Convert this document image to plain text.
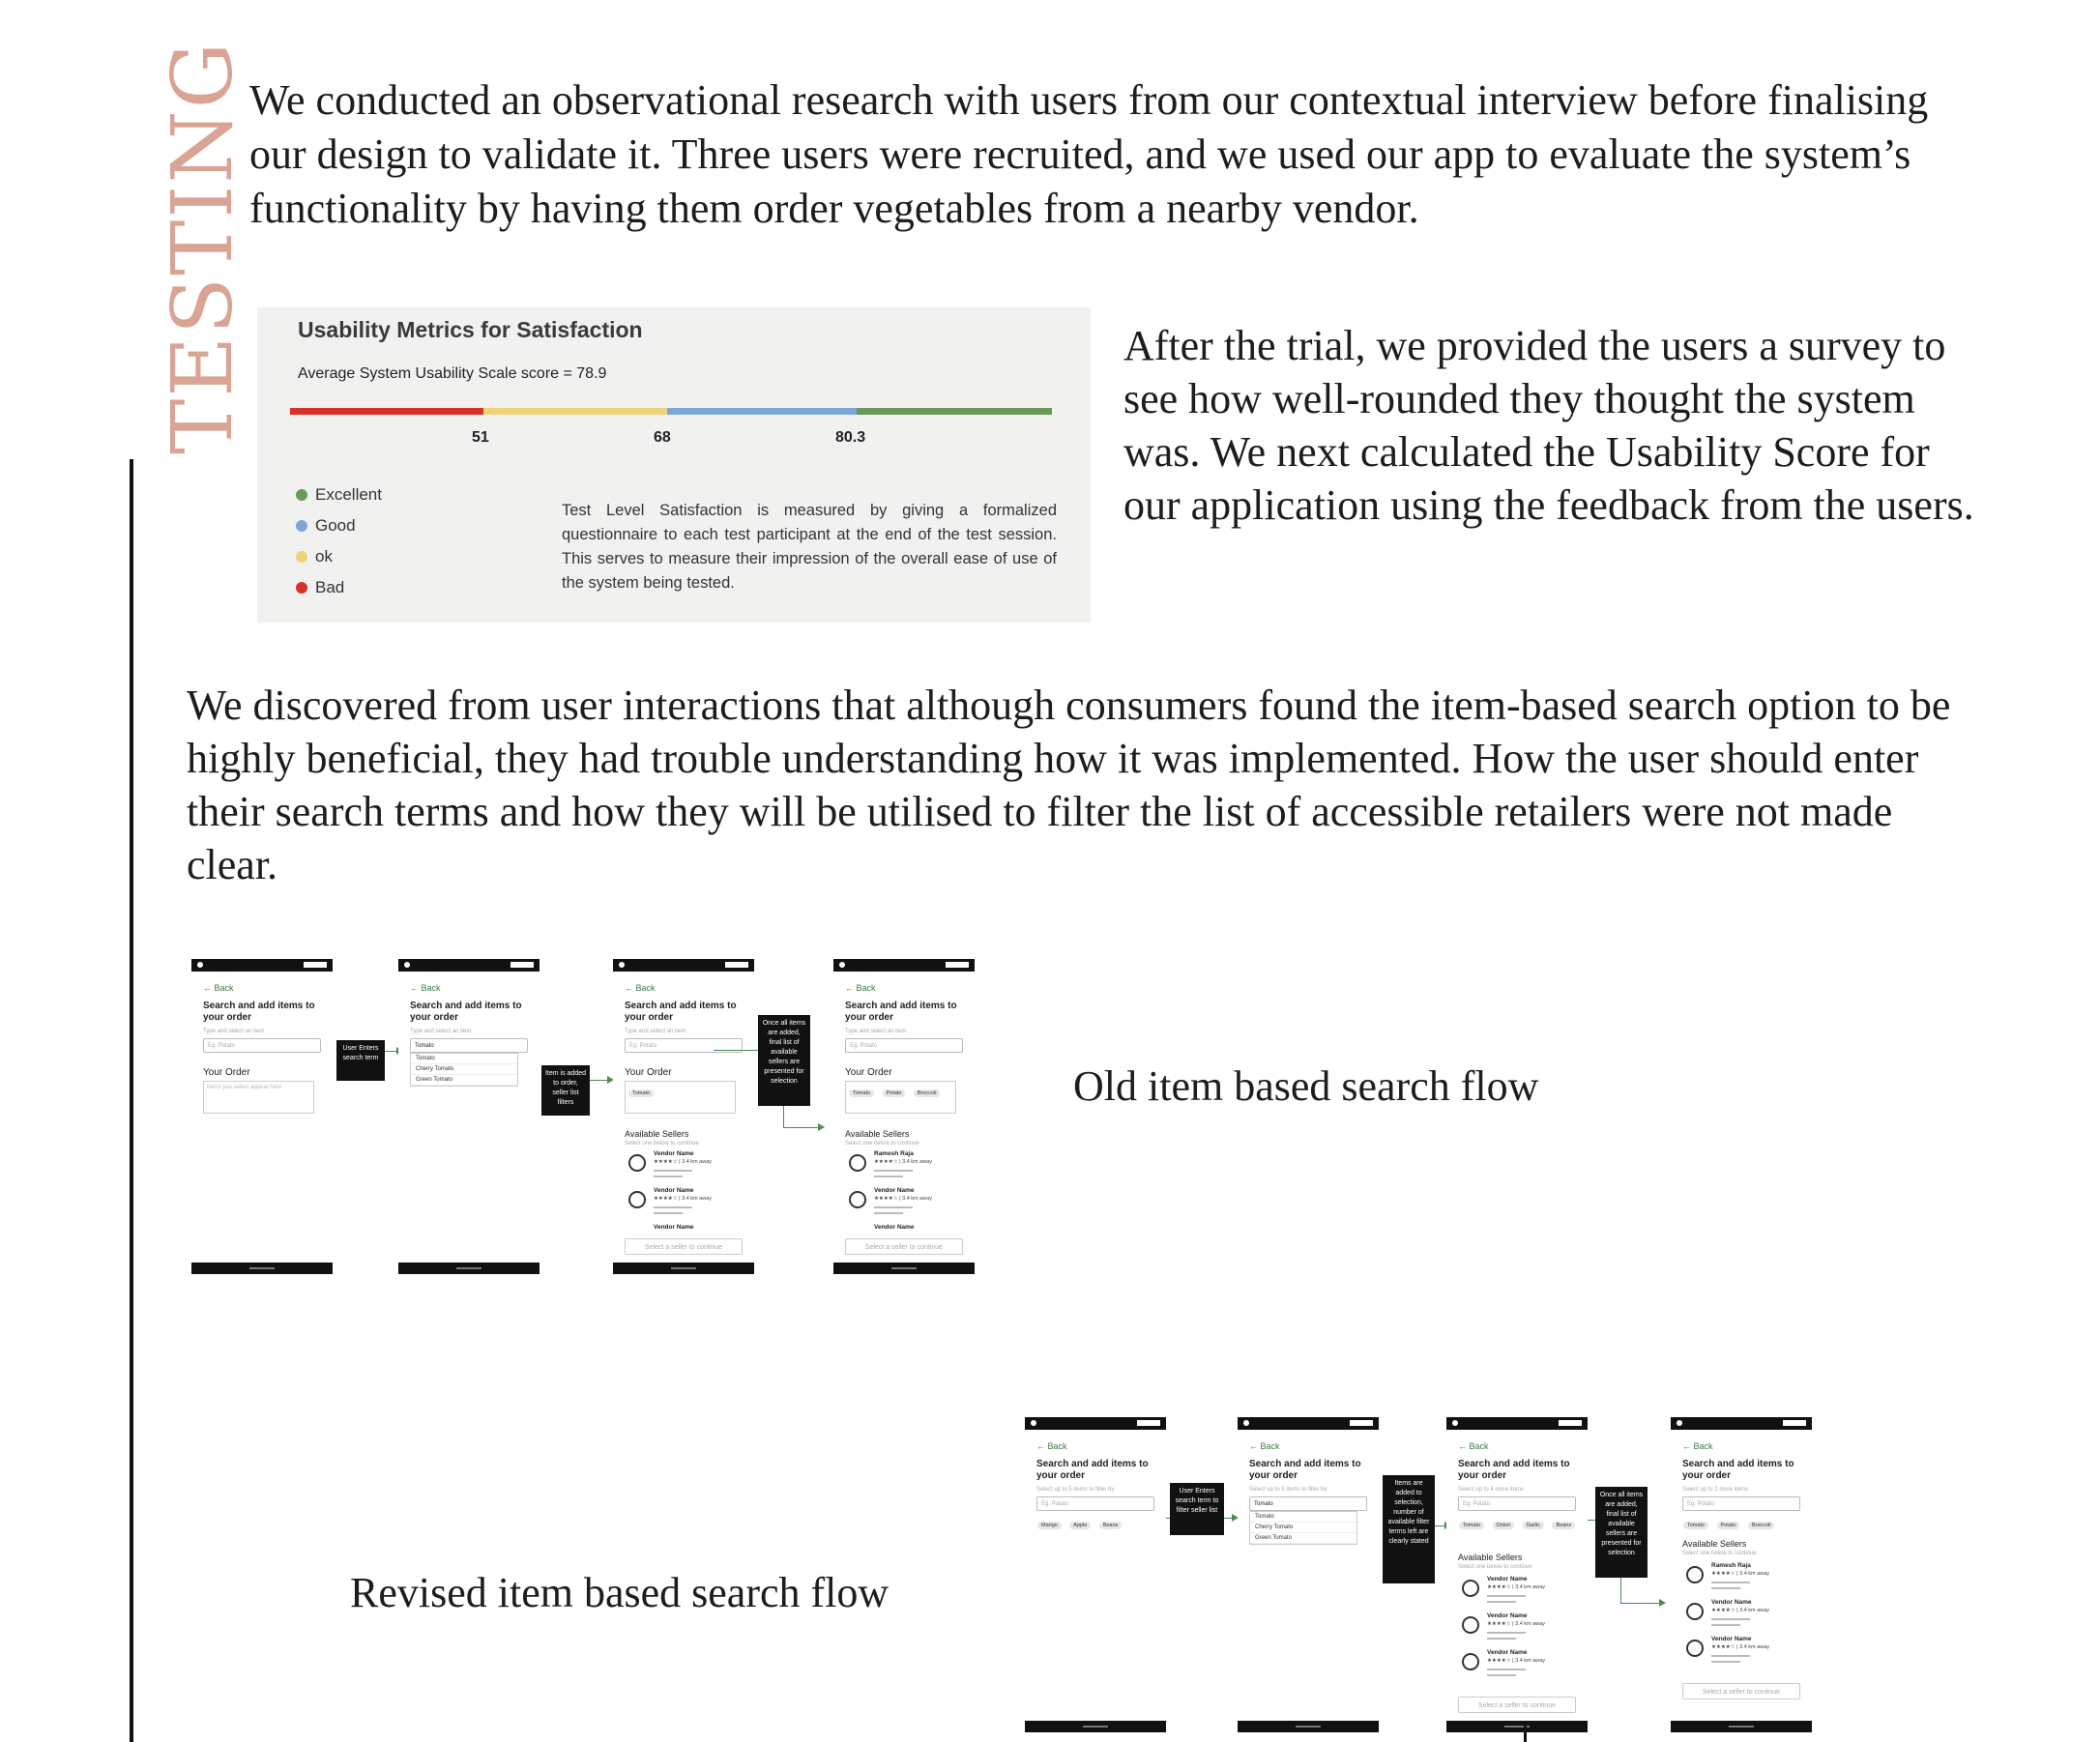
TESTING

We conducted an observational research with users from our contextual interview before finalising our design to validate it. Three users were recruited, and we used our app to evaluate the system’s functionality by having them order vegetables from a nearby vendor.

Usability Metrics for Satisfaction
Average System Usability Scale score = 78.9
51	68	80.3
Excellent
Good
ok
Bad
Test Level Satisfaction is measured by giving a formalized questionnaire to each test participant at the end of the test session. This serves to measure their impression of the overall ease of use of the system being tested.

After the trial, we provided the users a survey to see how well-rounded they thought the system was. We next calculated the Usability Score for our application using the feedback from the users.

We discovered from user interactions that although consumers found the item-based search option to be highly beneficial, they had trouble understanding how it was implemented. How the user should enter their search terms and how they will be utilised to filter the list of accessible retailers were not made clear.

← Back
Search and add items to your order
Type and select an item
Eg. Potato
Your Order
Items you select appear here
User Enters search term
← Back
Search and add items to your order
Type and select an item
Tomato
Tomato
Cherry Tomato
Green Tomato
Item is added to order, seller list filters
← Back
Search and add items to your order
Type and select an item
Eg. Potato
Your Order
Tomato
Available Sellers
Select one below to continue
Vendor Name
★★★★☆ | 3.4 km away
Vendor Name
★★★★☆ | 3.4 km away
Vendor Name
Select a seller to continue
Once all items are added, final list of available sellers are presented for selection
← Back
Search and add items to your order
Type and select an item
Eg. Potato
Your Order
Tomato	Potato	Broccoli
Available Sellers
Select one below to continue
Ramesh Raja
★★★★☆ | 3.4 km away
Vendor Name
★★★★☆ | 3.4 km away
Vendor Name
Select a seller to continue
Old item based search flow
← Back
Search and add items to your order
Select up to 5 items to filter by
Eg. Potato
Mango	Apple	Beans
User Enters search term to filter seller list
← Back
Search and add items to your order
Select up to 5 items to filter by
Tomato
Tomato
Cherry Tomato
Green Tomato
Items are added to selection, number of available filter terms left are clearly stated
← Back
Search and add items to your order
Select up to 4 more items
Eg. Potato
Tomato	Onion	Garlic	Beans
Available Sellers
Select one below to continue
Vendor Name
★★★★☆ | 3.4 km away
Vendor Name
★★★★☆ | 3.4 km away
Vendor Name
★★★★☆ | 3.4 km away
Select a seller to continue
Once all items are added, final list of available sellers are presented for selection
← Back
Search and add items to your order
Select up to 2 more items
Eg. Potato
Tomato	Potato	Broccoli
Available Sellers
Select one below to continue
Ramesh Raja
★★★★☆ | 3.4 km away
Vendor Name
★★★★☆ | 3.4 km away
Vendor Name
★★★★☆ | 3.4 km away
Select a seller to continue
Revised item based search flow
